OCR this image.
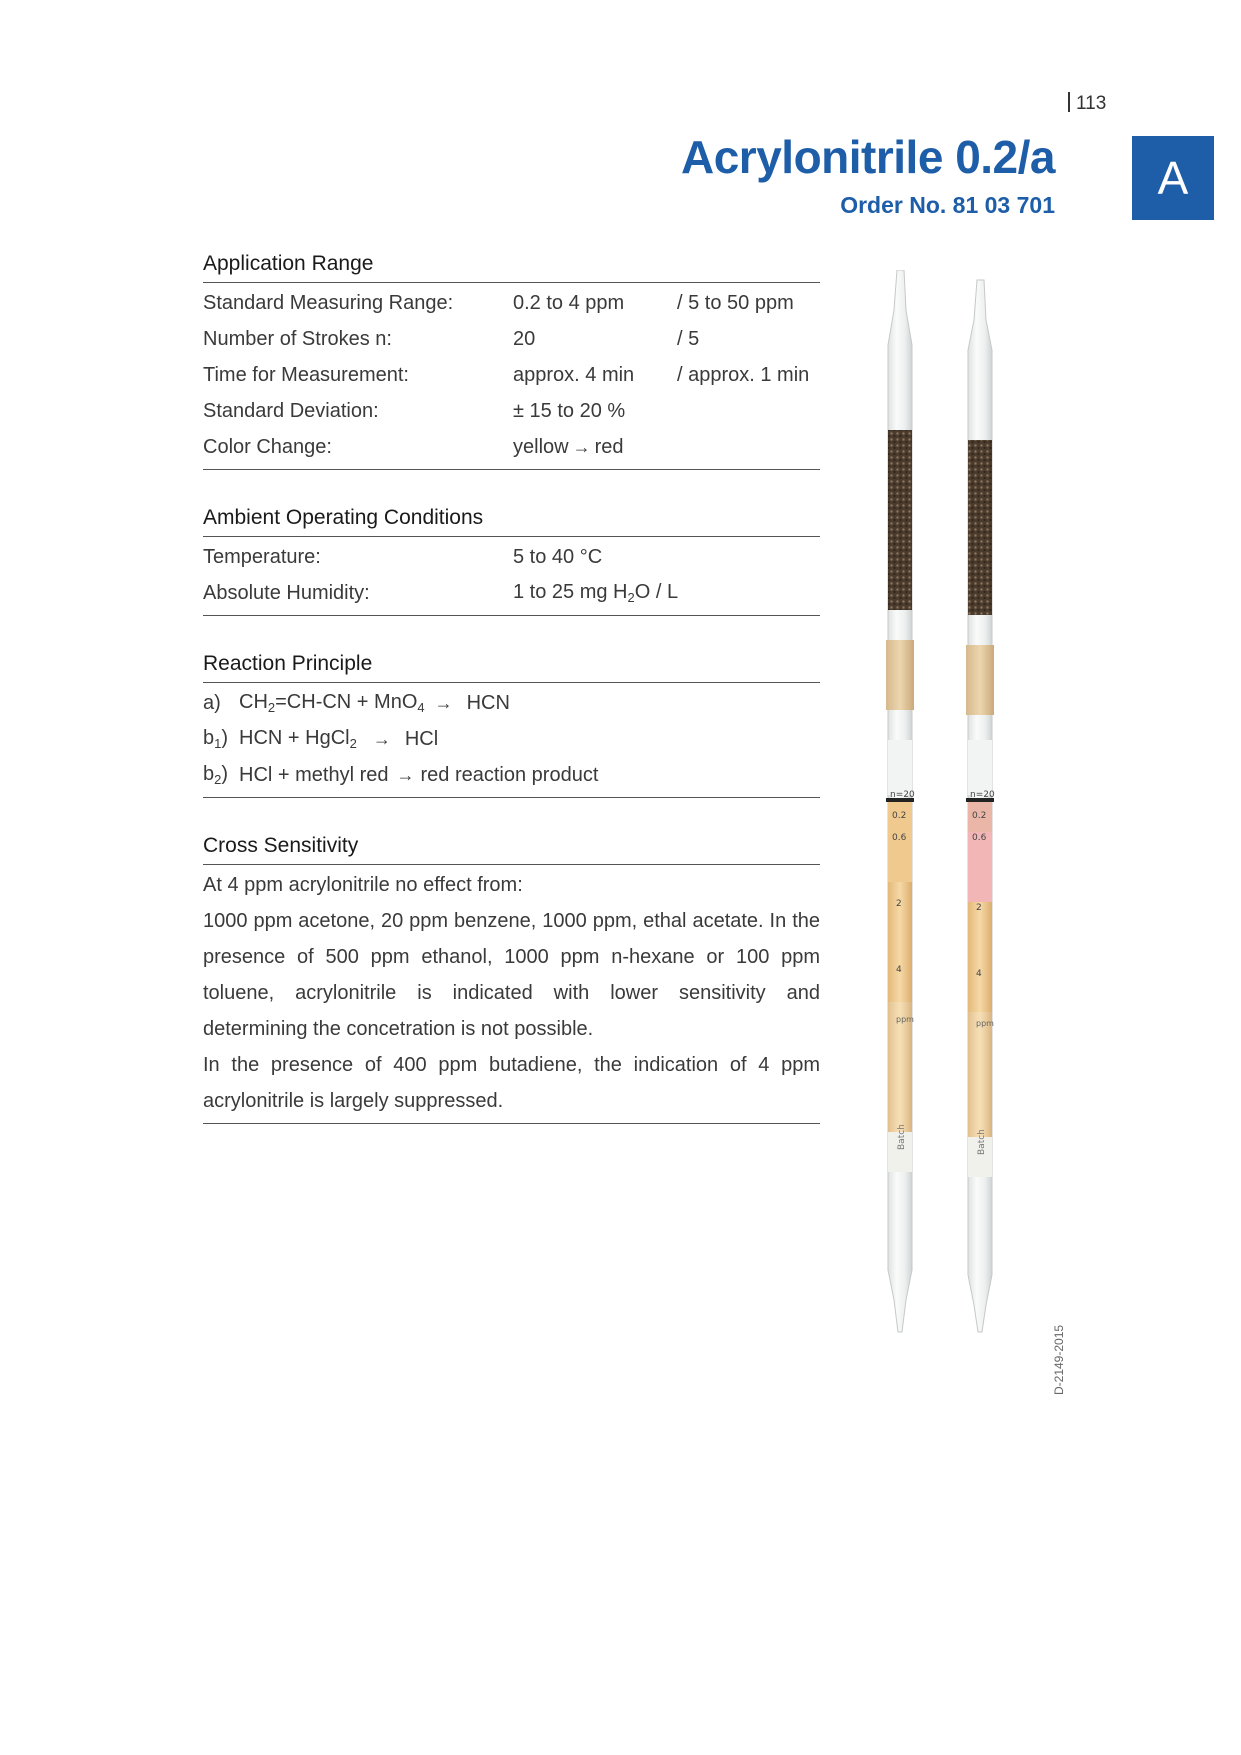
113
Acrylonitrile 0.2/a
Order No. 81 03 701
A
Application Range
Standard Measuring Range:	0.2 to 4 ppm	/ 5 to 50 ppm
Number of Strokes n:	20	/ 5
Time for Measurement:	approx. 4 min	/ approx. 1 min
Standard Deviation:	± 15 to 20 %
Color Change:	yellow → red
Ambient Operating Conditions
Temperature:	5 to 40 °C
Absolute Humidity:	1 to 25 mg $H_2O$ / L
Reaction Principle
a) $CH_2=CH-CN + MnO_4$ → HCN
$b_1$) HCN + HgCl$_2$ → HCl
$b_2$) HCl + methyl red → red reaction product
Cross Sensitivity

At 4 ppm acrylonitrile no effect from:

1000 ppm acetone, 20 ppm benzene, 1000 ppm, ethal acetate. In the presence of 500 ppm ethanol, 1000 ppm n-hexane or 100 ppm toluene, acrylonitrile is indicated with lower sensitivity and determining the concetration is not possible.

In the presence of 400 ppm butadiene, the indication of 4 ppm acrylonitrile is largely suppressed.

n=20
0.2
0.6
2
4
ppm
n=20
0.2
0.6
2
4
ppm
Batch	Batch
D-2149-2015
